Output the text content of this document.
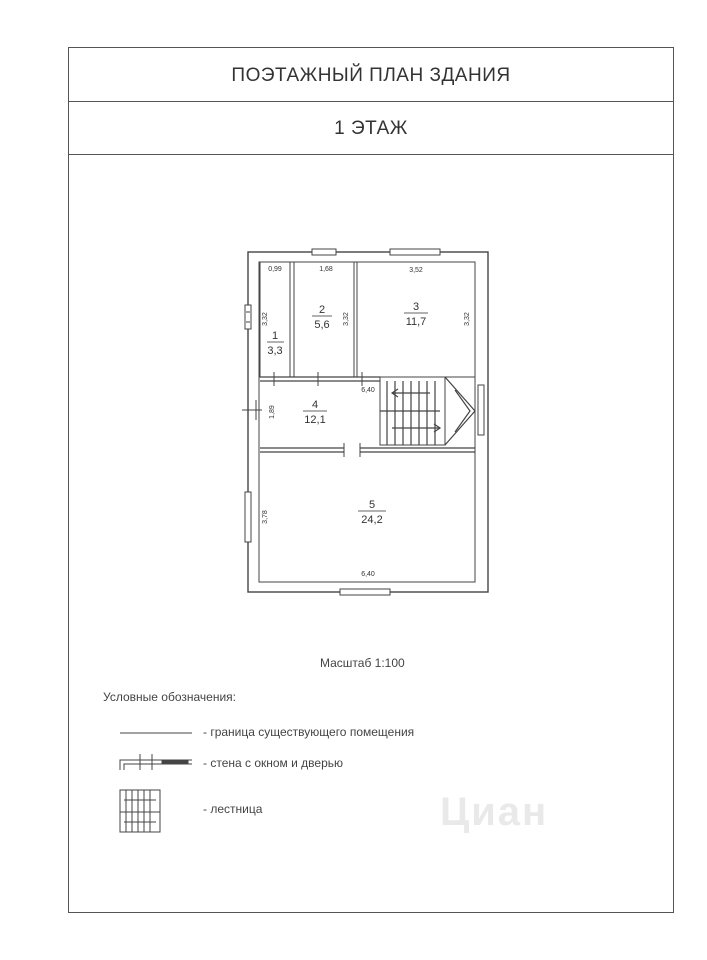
ПОЭТАЖНЫЙ ПЛАН ЗДАНИЯ
1 ЭТАЖ
1
3,3
2
5,6
3
11,7
4
12,1
5
24,2
0,99	1,68	3,52
6,40
6,40
3,32	3,32	3,32
1,89
3,78
Масштаб 1:100
Условные обозначения:
- граница существующего помещения
- стена с окном и дверью
- лестница	Циан
